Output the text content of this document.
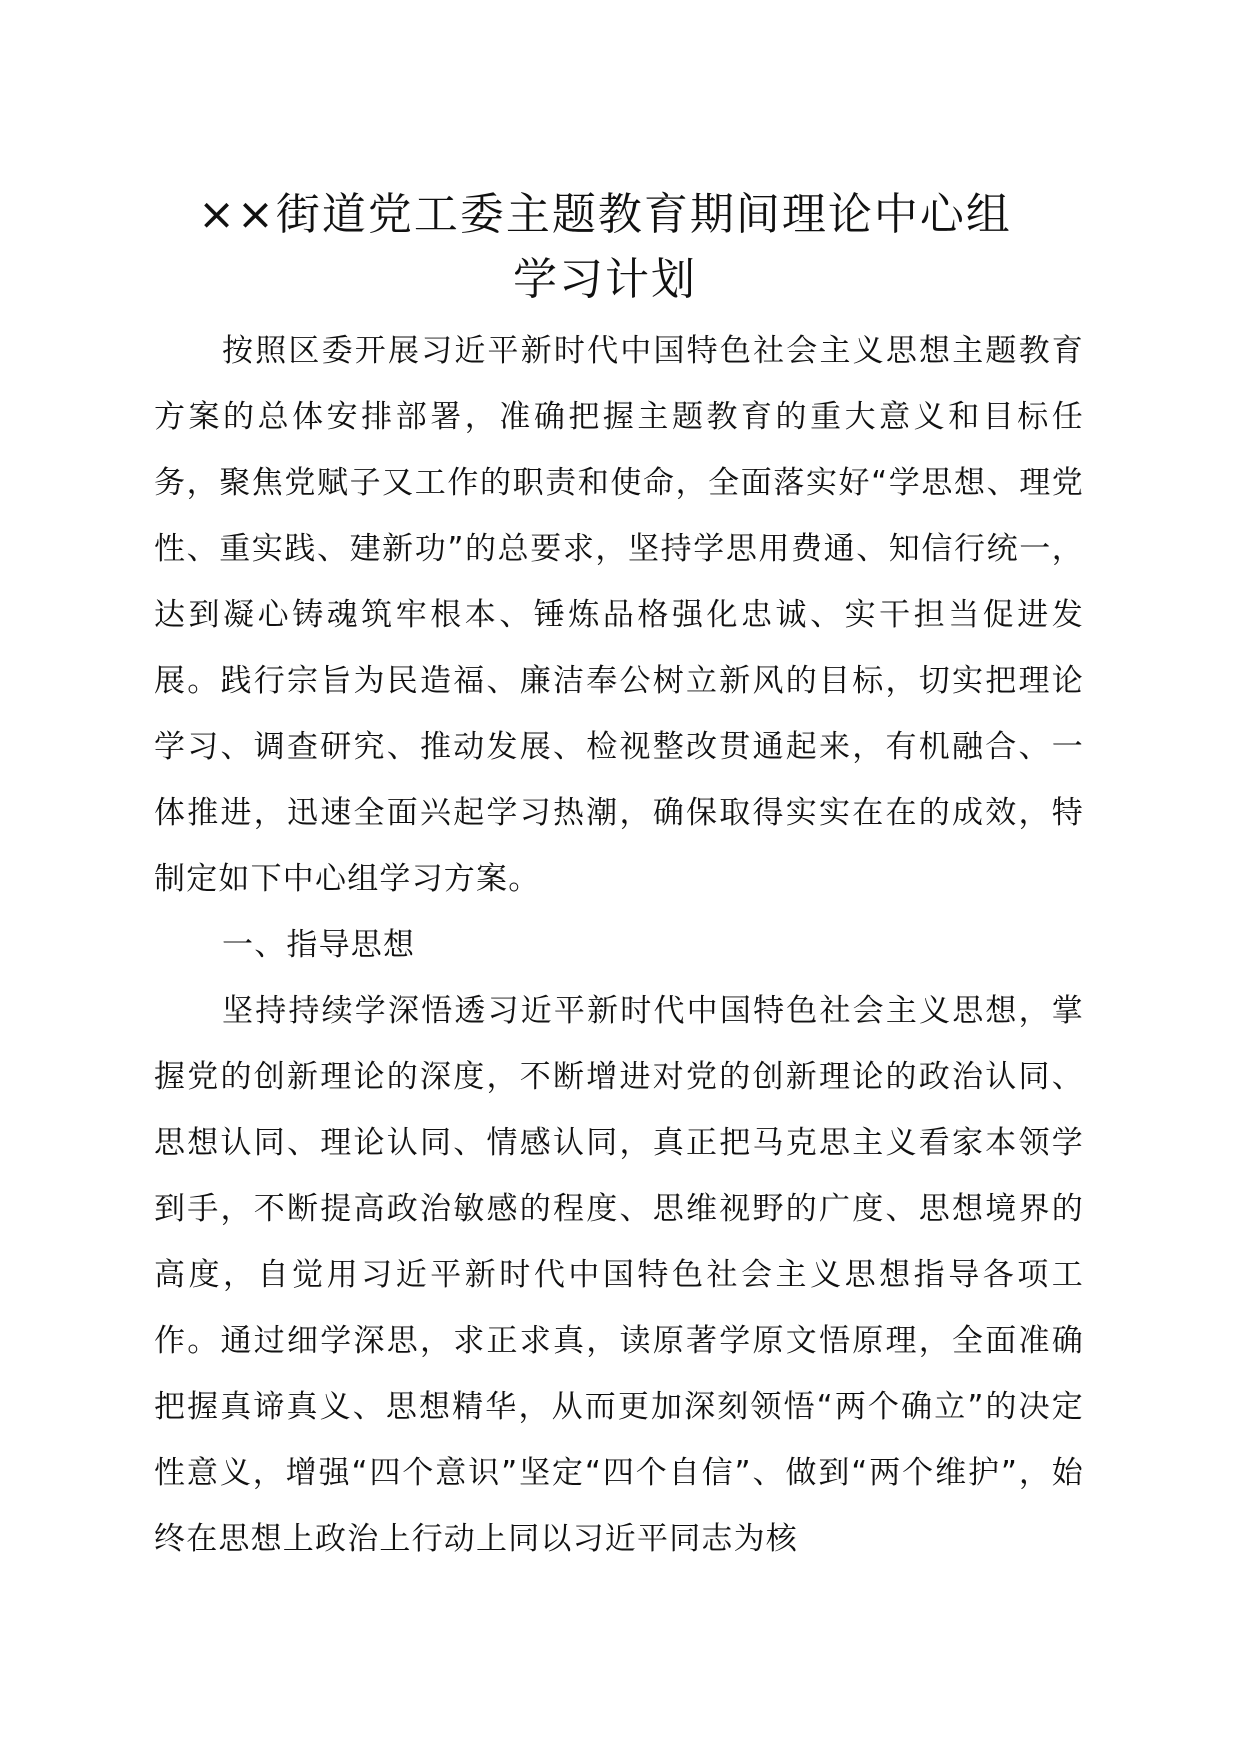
××街道党工委主题教育期间理论中心组
学习计划

按照区委开展习近平新时代中国特色社会主义思想主题教育方案的总体安排部署，准确把握主题教育的重大意义和目标任务，聚焦党赋子又工作的职责和使命，全面落实好“学思想、理党性、重实践、建新功”的总要求，坚持学思用费通、知信行统一，达到凝心铸魂筑牢根本、锤炼品格强化忠诚、实干担当促进发展。践行宗旨为民造福、廉洁奉公树立新风的目标，切实把理论学习、调查研究、推动发展、检视整改贯通起来，有机融合、一体推进，迅速全面兴起学习热潮，确保取得实实在在的成效，特制定如下中心组学习方案。

一、指导思想

坚持持续学深悟透习近平新时代中国特色社会主义思想，掌握党的创新理论的深度，不断增进对党的创新理论的政治认同、思想认同、理论认同、情感认同，真正把马克思主义看家本领学到手，不断提高政治敏感的程度、思维视野的广度、思想境界的高度，自觉用习近平新时代中国特色社会主义思想指导各项工作。通过细学深思，求正求真，读原著学原文悟原理，全面准确把握真谛真义、思想精华，从而更加深刻领悟“两个确立”的决定性意义，增强“四个意识”坚定“四个自信”、做到“两个维护”，始终在思想上政治上行动上同以习近平同志为核
